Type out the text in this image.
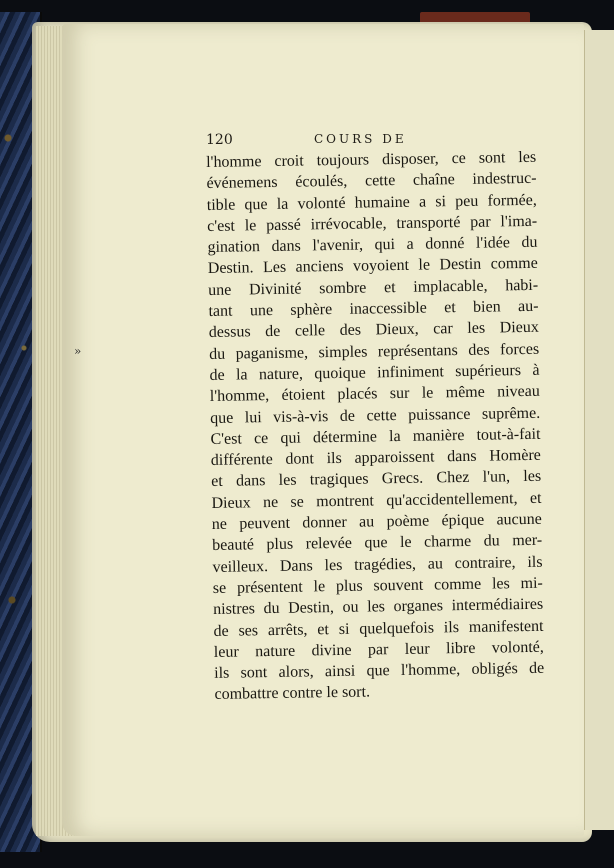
»
120	COURS DE
l'homme croit toujours disposer, ce sont les
événemens écoulés, cette chaîne indestruc-
tible que la volonté humaine a si peu formée,
c'est le passé irrévocable, transporté par l'ima-
gination dans l'avenir, qui a donné l'idée du
Destin. Les anciens voyoient le Destin comme
une Divinité sombre et implacable, habi-
tant une sphère inaccessible et bien au-
dessus de celle des Dieux, car les Dieux
du paganisme, simples représentans des forces
de la nature, quoique infiniment supérieurs à
l'homme, étoient placés sur le même niveau
que lui vis-à-vis de cette puissance suprême.
C'est ce qui détermine la manière tout-à-fait
différente dont ils apparoissent dans Homère
et dans les tragiques Grecs. Chez l'un, les
Dieux ne se montrent qu'accidentellement, et
ne peuvent donner au poème épique aucune
beauté plus relevée que le charme du mer-
veilleux. Dans les tragédies, au contraire, ils
se présentent le plus souvent comme les mi-
nistres du Destin, ou les organes intermédiaires
de ses arrêts, et si quelquefois ils manifestent
leur nature divine par leur libre volonté,
ils sont alors, ainsi que l'homme, obligés de
combattre contre le sort.
